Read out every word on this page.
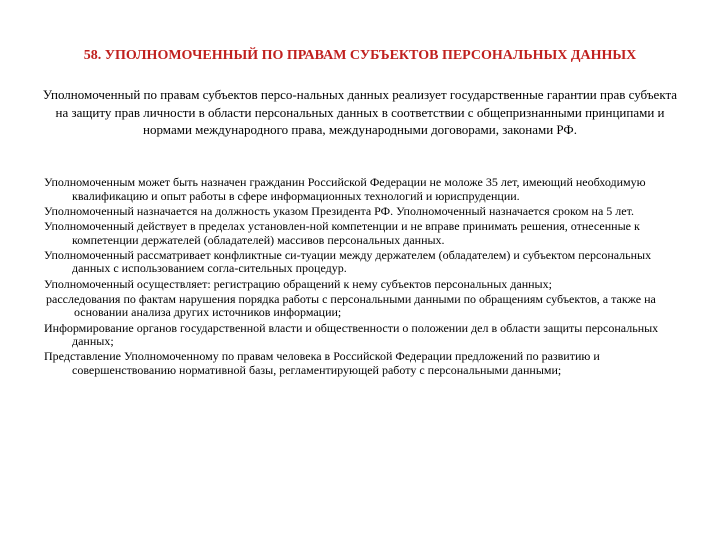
58. УПОЛНОМОЧЕННЫЙ ПО ПРАВАМ СУБЪЕКТОВ ПЕРСОНАЛЬНЫХ ДАННЫХ
Уполномоченный по правам субъектов персо-нальных данных реализует государственные гарантии прав субъекта на защиту прав личности в области персональных данных в соответствии с общепризнанными принципами и нормами международного права, международными договорами, законами РФ.
Уполномоченным может быть назначен гражданин Российской Федерации не моложе 35 лет, имеющий необходимую квалификацию и опыт работы в сфере информационных технологий и юриспруденции.
Уполномоченный назначается на должность указом Президента РФ. Уполномоченный назначается сроком на 5 лет.
Уполномоченный действует в пределах установлен-ной компетенции и не вправе принимать решения, отнесенные к компетенции держателей (обладателей) массивов персональных данных.
Уполномоченный рассматривает конфликтные си-туации между держателем (обладателем) и субъектом персональных данных с использованием согла-сительных процедур.
Уполномоченный осуществляет: регистрацию обращений к нему субъектов персональных данных;
расследования по фактам нарушения порядка работы с персональными данными по обращениям субъектов, а также на основании анализа других источников информации;
Информирование органов государственной власти и общественности о положении дел в области защиты персональных данных;
Представление Уполномоченному по правам человека в Российской Федерации предложений по развитию и совершенствованию нормативной базы, регламентирующей работу с персональными данными;
